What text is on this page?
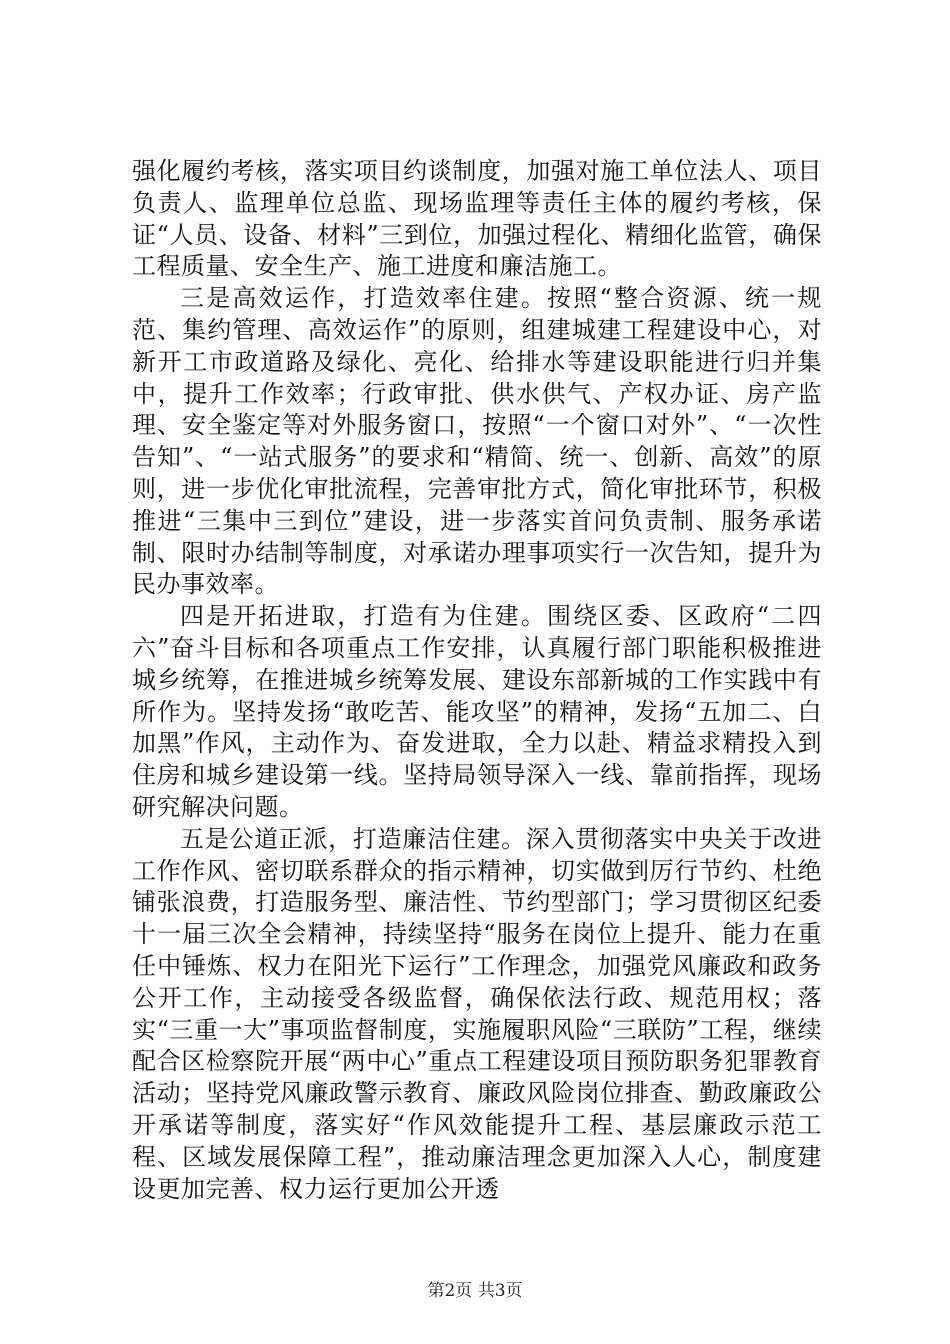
强化履约考核，落实项目约谈制度，加强对施工单位法人、项目负责人、监理单位总监、现场监理等责任主体的履约考核，保证“人员、设备、材料”三到位，加强过程化、精细化监管，确保工程质量、安全生产、施工进度和廉洁施工。

三是高效运作，打造效率住建。按照“整合资源、统一规范、集约管理、高效运作”的原则，组建城建工程建设中心，对新开工市政道路及绿化、亮化、给排水等建设职能进行归并集中，提升工作效率；行政审批、供水供气、产权办证、房产监理、安全鉴定等对外服务窗口，按照“一个窗口对外”、“一次性告知”、“一站式服务”的要求和“精简、统一、创新、高效”的原则，进一步优化审批流程，完善审批方式，简化审批环节，积极推进“三集中三到位”建设，进一步落实首问负责制、服务承诺制、限时办结制等制度，对承诺办理事项实行一次告知，提升为民办事效率。

四是开拓进取，打造有为住建。围绕区委、区政府“二四六”奋斗目标和各项重点工作安排，认真履行部门职能积极推进城乡统筹，在推进城乡统筹发展、建设东部新城的工作实践中有所作为。坚持发扬“敢吃苦、能攻坚”的精神，发扬“五加二、白加黑”作风，主动作为、奋发进取，全力以赴、精益求精投入到住房和城乡建设第一线。坚持局领导深入一线、靠前指挥，现场研究解决问题。

五是公道正派，打造廉洁住建。深入贯彻落实中央关于改进工作作风、密切联系群众的指示精神，切实做到厉行节约、杜绝铺张浪费，打造服务型、廉洁性、节约型部门；学习贯彻区纪委十一届三次全会精神，持续坚持“服务在岗位上提升、能力在重任中锤炼、权力在阳光下运行”工作理念，加强党风廉政和政务公开工作，主动接受各级监督，确保依法行政、规范用权；落实“三重一大”事项监督制度，实施履职风险“三联防”工程，继续配合区检察院开展“两中心”重点工程建设项目预防职务犯罪教育活动；坚持党风廉政警示教育、廉政风险岗位排查、勤政廉政公开承诺等制度，落实好“作风效能提升工程、基层廉政示范工程、区域发展保障工程”，推动廉洁理念更加深入人心，制度建设更加完善、权力运行更加公开透

第2页 共3页
